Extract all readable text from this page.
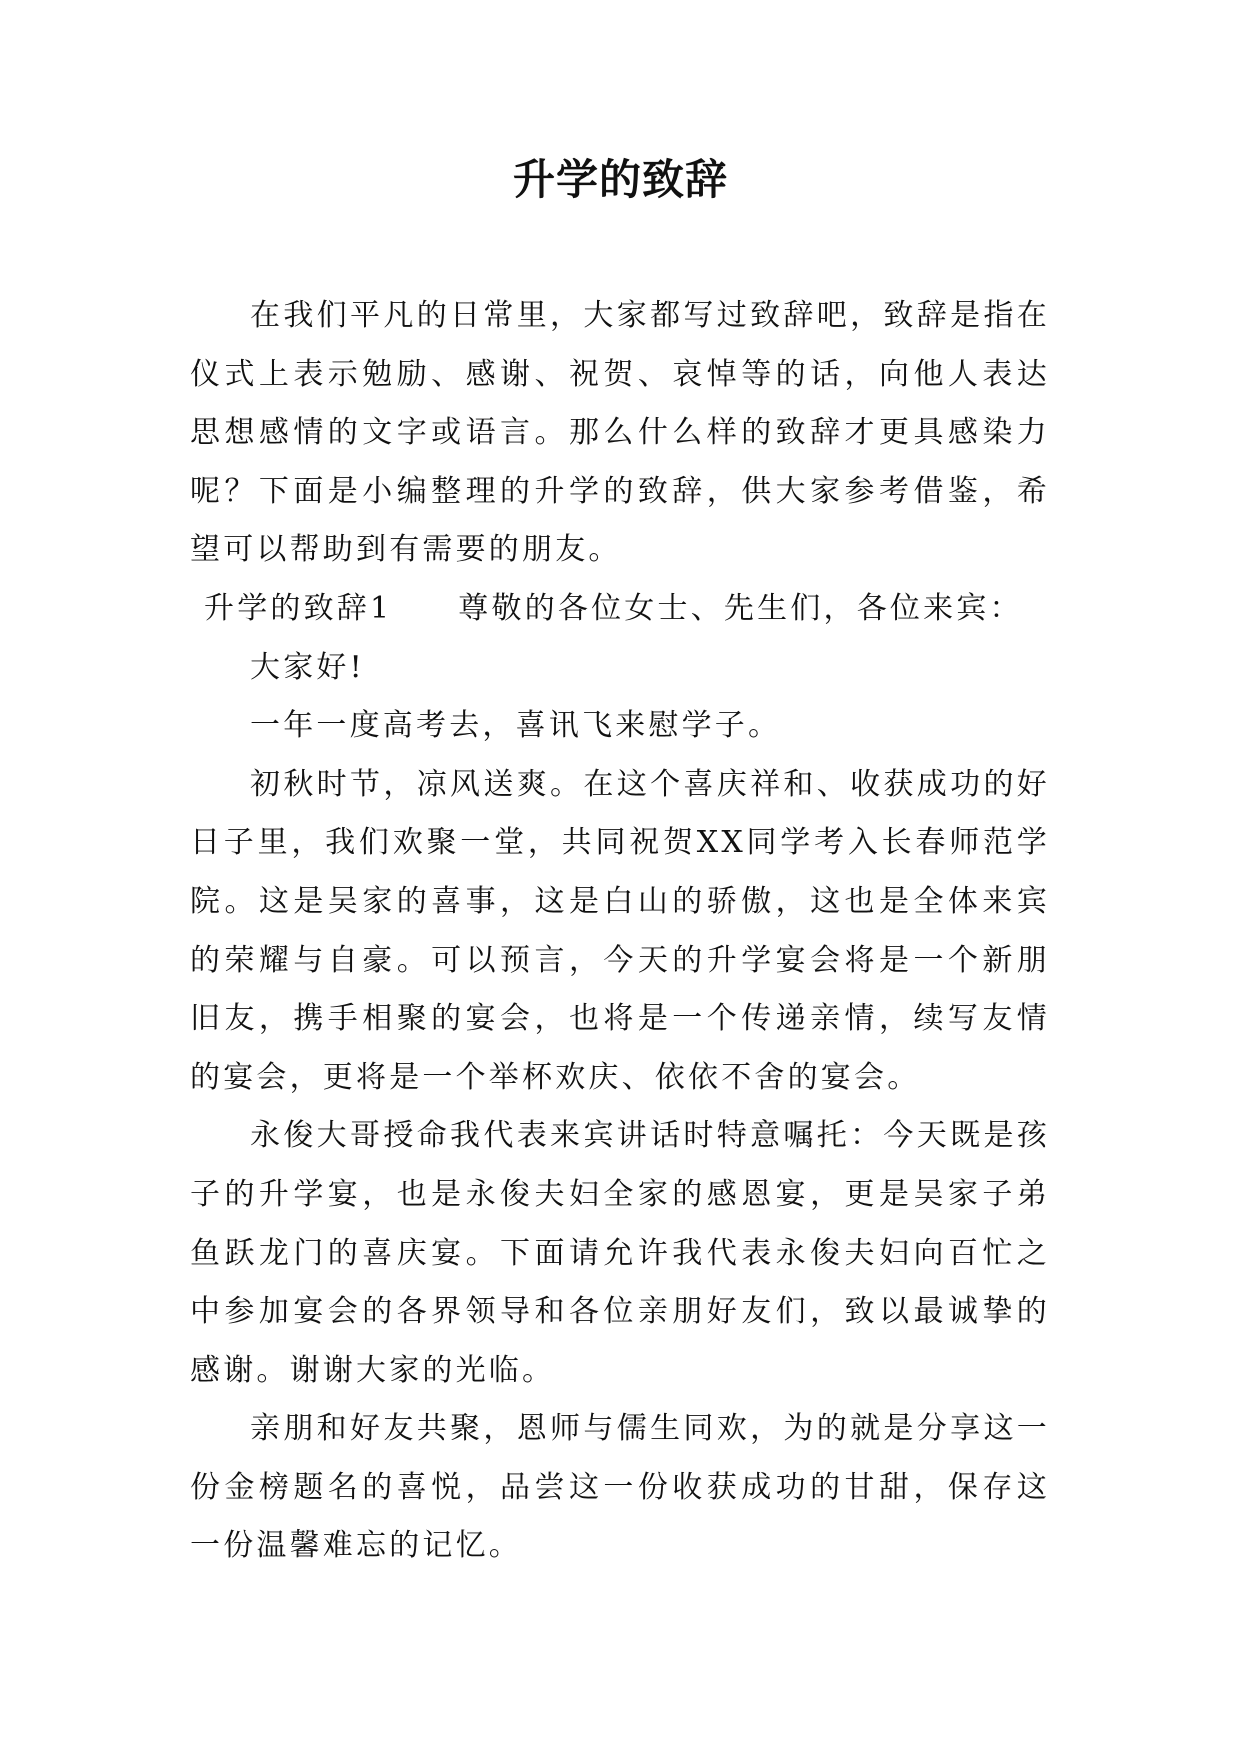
升学的致辞

在我们平凡的日常里，大家都写过致辞吧，致辞是指在仪式上表示勉励、感谢、祝贺、哀悼等的话，向他人表达思想感情的文字或语言。那么什么样的致辞才更具感染力呢？下面是小编整理的升学的致辞，供大家参考借鉴，希望可以帮助到有需要的朋友。

升学的致辞1 尊敬的各位女士、先生们，各位来宾：

大家好!

一年一度高考去，喜讯飞来慰学子。

初秋时节，凉风送爽。在这个喜庆祥和、收获成功的好日子里，我们欢聚一堂，共同祝贺XX同学考入长春师范学院。这是吴家的喜事，这是白山的骄傲，这也是全体来宾的荣耀与自豪。可以预言，今天的升学宴会将是一个新朋旧友，携手相聚的宴会，也将是一个传递亲情，续写友情的宴会，更将是一个举杯欢庆、依依不舍的宴会。

永俊大哥授命我代表来宾讲话时特意嘱托：今天既是孩子的升学宴，也是永俊夫妇全家的感恩宴，更是吴家子弟鱼跃龙门的喜庆宴。下面请允许我代表永俊夫妇向百忙之中参加宴会的各界领导和各位亲朋好友们，致以最诚挚的感谢。谢谢大家的光临。

亲朋和好友共聚，恩师与儒生同欢，为的就是分享这一份金榜题名的喜悦，品尝这一份收获成功的甘甜，保存这一份温馨难忘的记忆。
